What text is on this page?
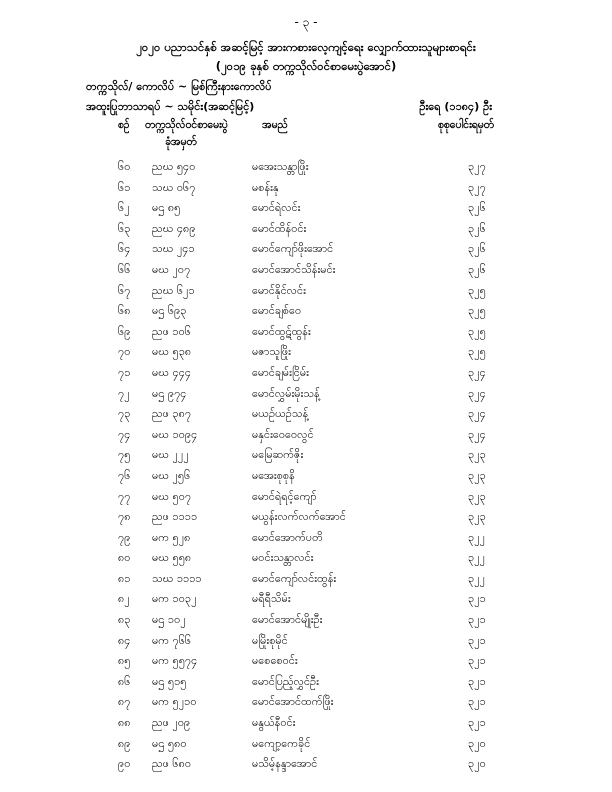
- ၃ -
၂၀၂၀ ပညာသင်နှစ် အဆင့်မြင့် အားကစားလေ့ကျင့်ရေး လျှောက်ထားသူများစာရင်း
(၂၀၁၉ ခုနှစ် တက္ကသိုလ်ဝင်စာမေးပွဲအောင်)
တက္ကသိုလ်/ ကောလိပ် ~ မြစ်ကြီးနားကောလိပ်
အထူးပြုဘာသာရပ် ~ သမိုင်း(အဆင့်မြင့်)	ဦးရေ (၁၁၈၄) ဦး
စဉ် တက္ကသိုလ်ဝင်စာမေးပွဲ
ခုံအမှတ်
အမည်	စုစုပေါင်းရမှတ်
၆၀ ညဃ ၅၄၀	မအေးသန္တာဖြိုး	၃၂၇
၆၁ သဃ ၀၆၇	မစန်းနု	၃၂၇
၆၂ မဌ ၈၅	မောင်ရဲလင်း	၃၂၆
၆၃ ညဃ ၄၈၉	မောင်ထိန်ဝင်း	၃၂၆
၆၄ သဃ ၂၄၁	မောင်ကျော်ဖိုးအောင်	၃၂၆
၆၆ မဃ ၂၀၇	မောင်အောင်သိန်းမင်း	၃၂၆
၆၇ ညဃ ၆၂၁	မောင်နိုင်လင်း	၃၂၅
၆၈ မဌ ၆၉၃	မောင်ချစ်ဝေ	၃၂၅
၆၉ ညဖ ၁၀၆	မောင်ထွဋ်ထွန်း	၃၂၅
၇၀ မဃ ၅၃၈	မဇာသူဖြိုး	၃၂၅
၇၁ မဃ ၄၄၄	မောင်ချမ်းငြိမ်း	၃၂၄
၇၂ မဌ ၉၇၄	မောင်လွှမ်းမိုးသန့်	၃၂၄
၇၃ ညဖ ၃၈၇	မယဉ်ယဉ်သန့်	၃၂၄
၇၄ မဃ ၁၀၉၄	မနှင်းဝေဝေလွင်	၃၂၄
၇၅ မဃ ၂၂၂	မမြေဆက်ဇိုး	၃၂၃
၇၆ မဃ ၂၅၆	မအေးစုစုနိ	၃၂၃
၇၇ မဃ ၅၀၇	မောင်ရဲရင့်ကျော်	၃၂၃
၇၈ ညဖ ၁၁၁၁	မယွန်းလက်လက်အောင်	၃၂၃
၇၉ မက ၅၂၈	မောင်အောက်ပတိ	၃၂၂
၈၀ မဃ ၅၅၈	မဝင်းသန္တာလင်း	၃၂၂
၈၁ သဃ ၁၁၁၁	မောင်ကျော်လင်းထွန်း	၃၂၂
၈၂ မက ၁၀၃၂	မရီရီသိမ်း	၃၂၁
၈၃ မဌ ၁၀၂	မောင်အောင်မျိုးဦး	၃၂၁
၈၄ မက ၇၆၆	မမြိုးစုမိုင်	၃၂၁
၈၅ မက ၅၅၇၄	မစေစေဝင်း	၃၂၁
၈၆ မဌ ၅၁၅	မောင်ပြည့်လွှင်ဦး	၃၂၁
၈၇ မက ၅၂၁၀	မောင်အောင်ထက်ဖြိုး	၃၂၁
၈၈ ညဖ ၂၀၉	မနွယ်နီဝင်း	၃၂၁
၈၉ မဌ ၅၈၀	မကျော့ကေခိုင်	၃၂၀
၉၀ ညဖ ၆၈၀	မသိမ့်နန္ဒာအောင်	၃၂၀
